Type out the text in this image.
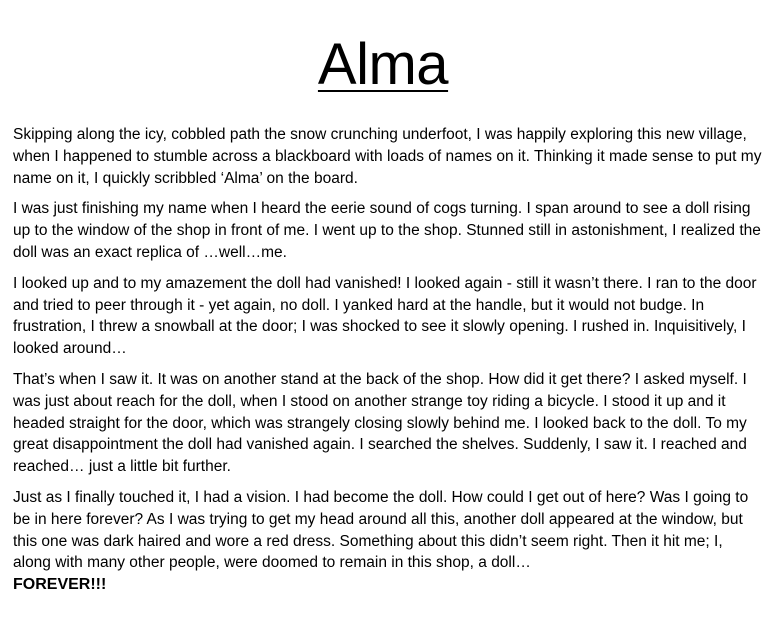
Alma

Skipping along the icy, cobbled path the snow crunching underfoot, I was happily exploring this new village, when I happened to stumble across a blackboard with loads of names on it. Thinking it made sense to put my name on it, I quickly scribbled ‘Alma’ on the board.

I was just finishing my name when I heard the eerie sound of cogs turning. I span around to see a doll rising up to the window of the shop in front of me. I went up to the shop. Stunned still in astonishment, I realized the doll was an exact replica of …well…me.

I looked up and to my amazement the doll had vanished! I looked again - still it wasn’t there. I ran to the door and tried to peer through it - yet again, no doll. I yanked hard at the handle, but it would not budge. In frustration, I threw a snowball at the door; I was shocked to see it slowly opening. I rushed in. Inquisitively, I looked around…

That’s when I saw it. It was on another stand at the back of the shop. How did it get there? I asked myself. I was just about reach for the doll, when I stood on another strange toy riding a bicycle. I stood it up and it headed straight for the door, which was strangely closing slowly behind me. I looked back to the doll. To my great disappointment the doll had vanished again. I searched the shelves. Suddenly, I saw it. I reached and reached… just a little bit further.

Just as I finally touched it, I had a vision. I had become the doll. How could I get out of here? Was I going to be in here forever? As I was trying to get my head around all this, another doll appeared at the window, but this one was dark haired and wore a red dress. Something about this didn’t seem right. Then it hit me; I, along with many other people, were doomed to remain in this shop, a doll…

FOREVER!!!
